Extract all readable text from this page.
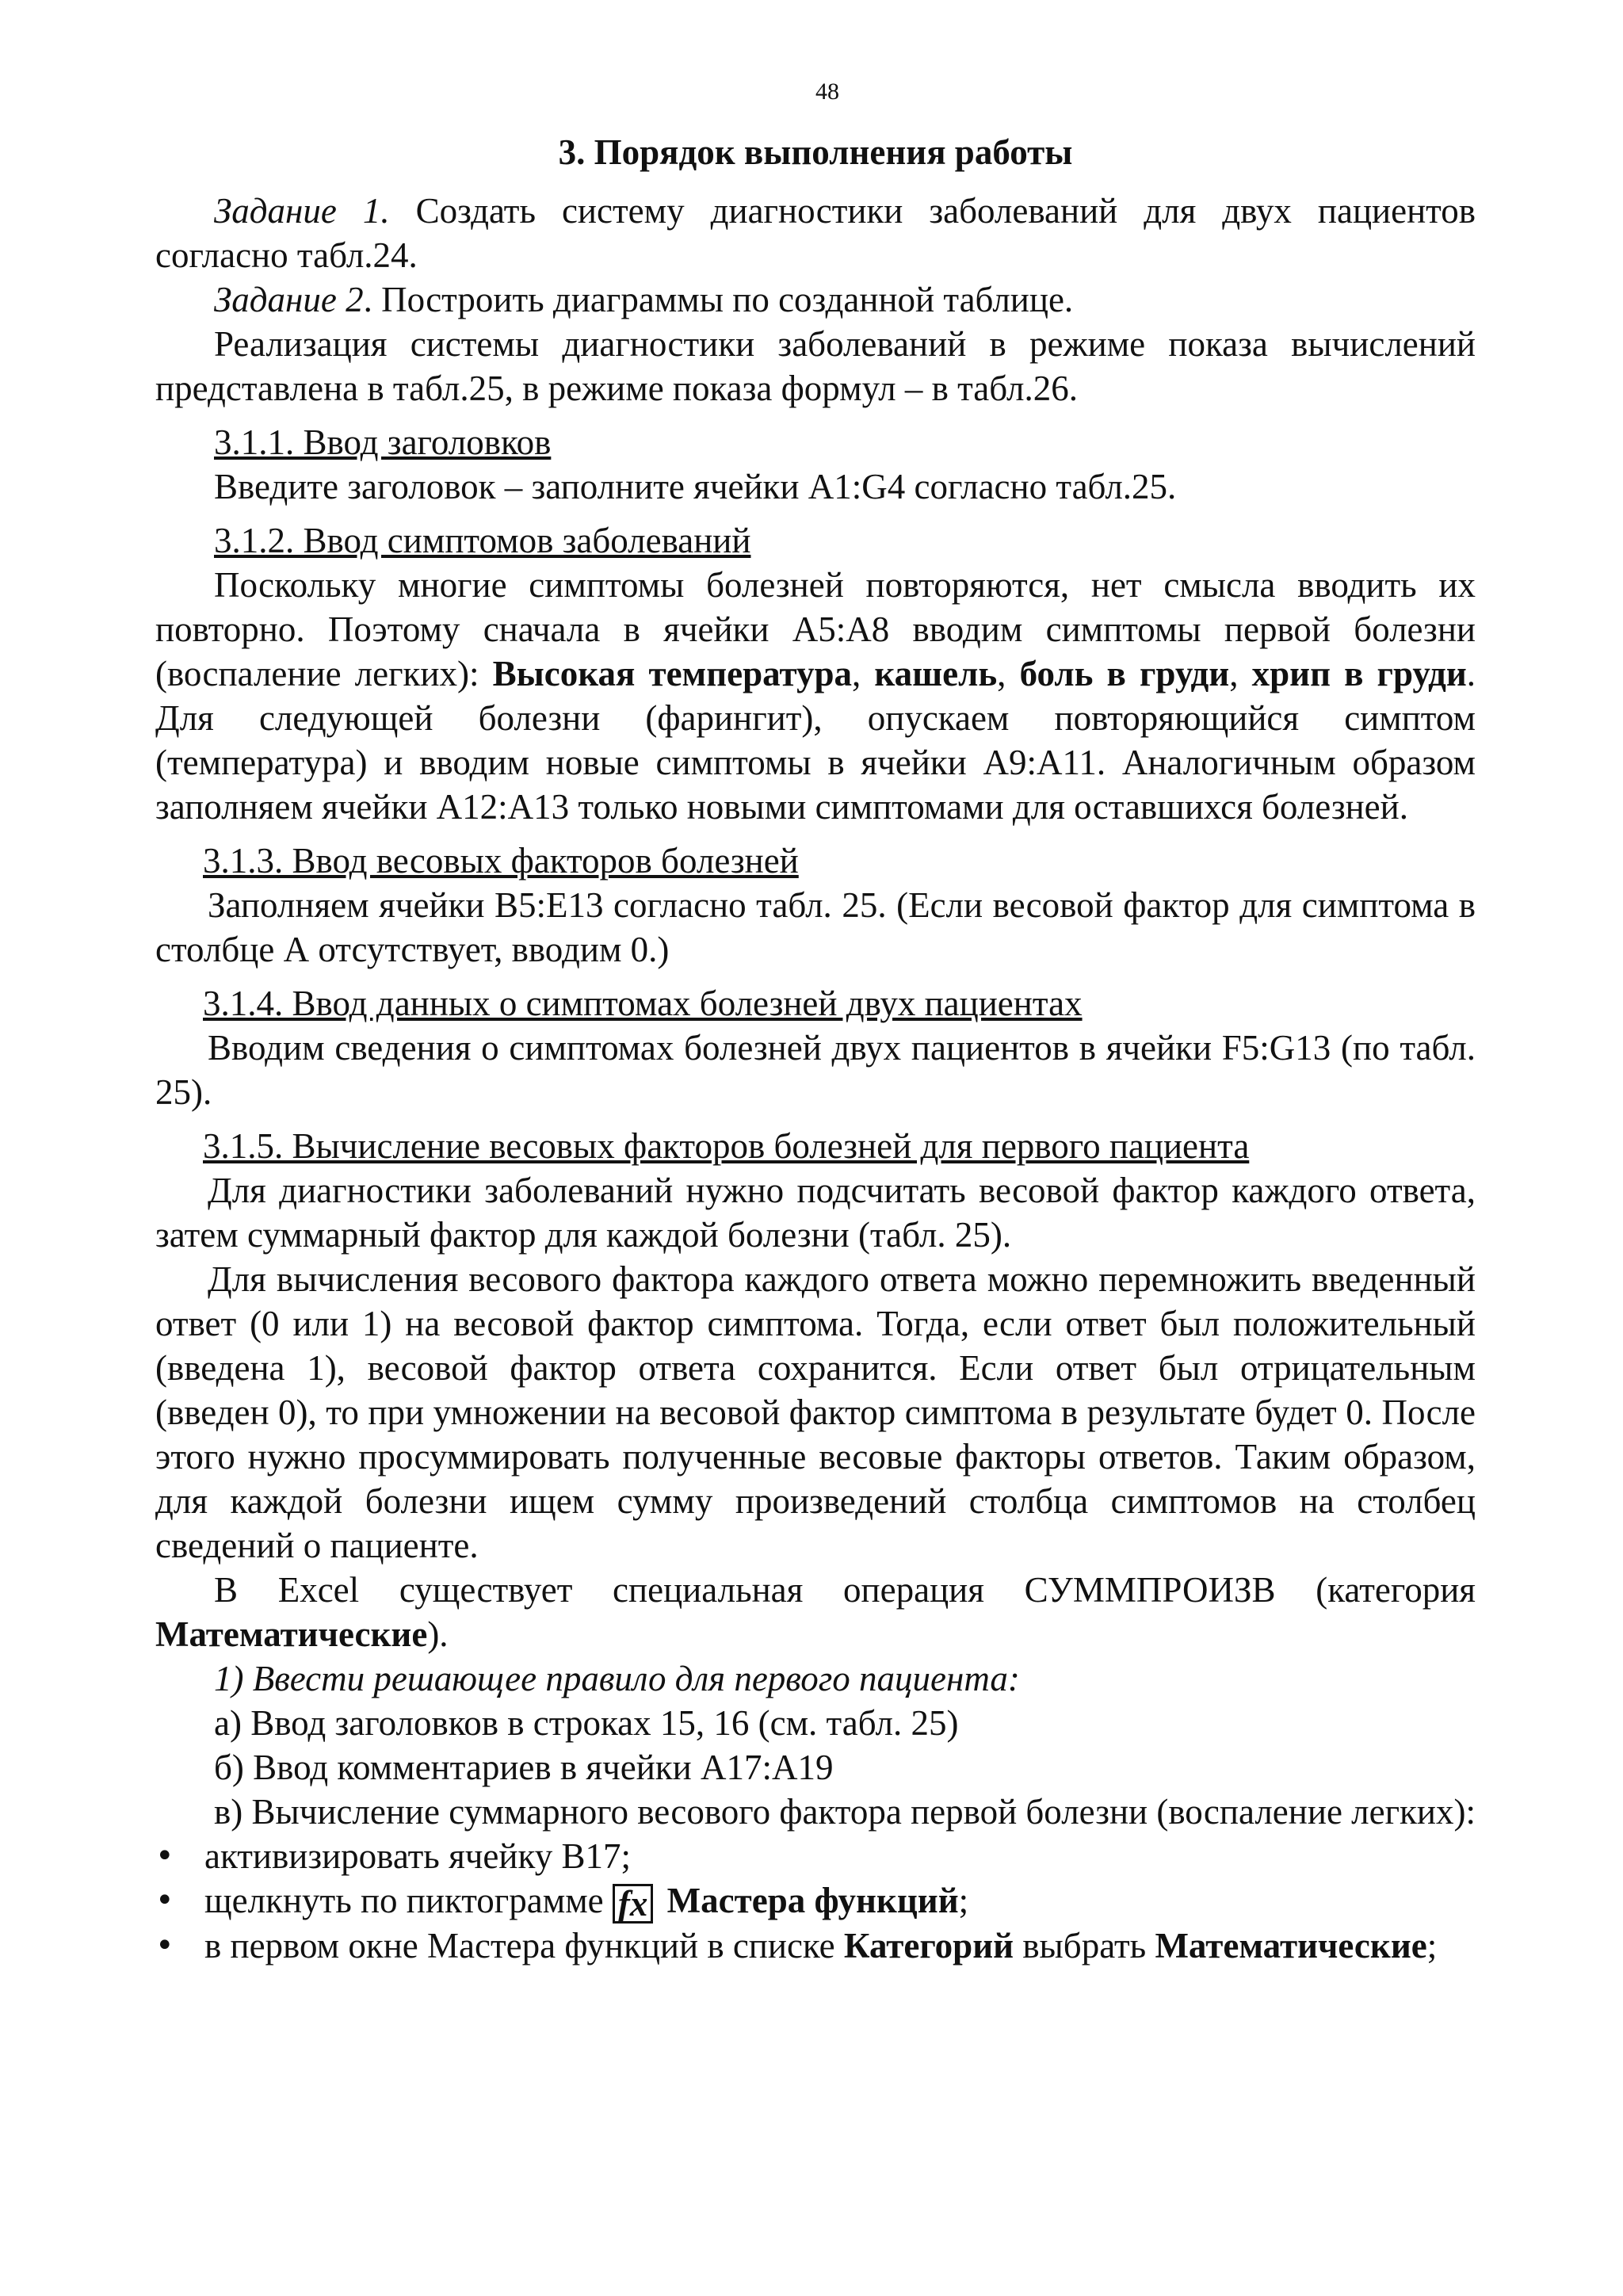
48
3. Порядок выполнения работы

Задание 1. Создать систему диагностики заболеваний для двух пациентов согласно табл.24.

Задание 2. Построить диаграммы по созданной таблице.

Реализация системы диагностики заболеваний в режиме показа вычислений представлена в табл.25, в режиме показа формул – в табл.26.

3.1.1. Ввод заголовков

Введите заголовок – заполните ячейки A1:G4 согласно табл.25.

3.1.2. Ввод симптомов заболеваний

Поскольку многие симптомы болезней повторяются, нет смысла вводить их повторно. Поэтому сначала в ячейки А5:А8 вводим симптомы первой болезни (воспаление легких): Высокая температура, кашель, боль в груди, хрип в груди. Для следующей болезни (фарингит), опускаем повторяющийся симптом (температура) и вводим новые симптомы в ячейки А9:А11. Аналогичным образом заполняем ячейки А12:А13 только новыми симптомами для оставшихся болезней.

3.1.3. Ввод весовых факторов болезней

Заполняем ячейки В5:Е13 согласно табл. 25. (Если весовой фактор для симптома в столбце А отсутствует, вводим 0.)

3.1.4. Ввод данных о симптомах болезней двух пациентах

Вводим сведения о симптомах болезней двух пациентов в ячейки F5:G13 (по табл. 25).

3.1.5. Вычисление весовых факторов болезней для первого пациента

Для диагностики заболеваний нужно подсчитать весовой фактор каждого ответа, затем суммарный фактор для каждой болезни (табл. 25).

Для вычисления весового фактора каждого ответа можно перемножить введенный ответ (0 или 1) на весовой фактор симптома. Тогда, если ответ был положительный (введена 1), весовой фактор ответа сохранится. Если ответ был отрицательным (введен 0), то при умножении на весовой фактор симптома в результате будет 0. После этого нужно просуммировать полученные весовые факторы ответов. Таким образом, для каждой болезни ищем сумму произведений столбца симптомов на столбец сведений о пациенте.

В Excel существует специальная операция СУММПРОИЗВ (категория Математические).

1) Ввести решающее правило для первого пациента:

а) Ввод заголовков в строках 15, 16 (см. табл. 25)

б) Ввод комментариев в ячейки А17:А19

в) Вычисление суммарного весового фактора первой болезни (воспаление легких):

• активизировать ячейку В17;
• щелкнуть по пиктограмме fx Мастера функций;
• в первом окне Мастера функций в списке Категорий выбрать Математические;
